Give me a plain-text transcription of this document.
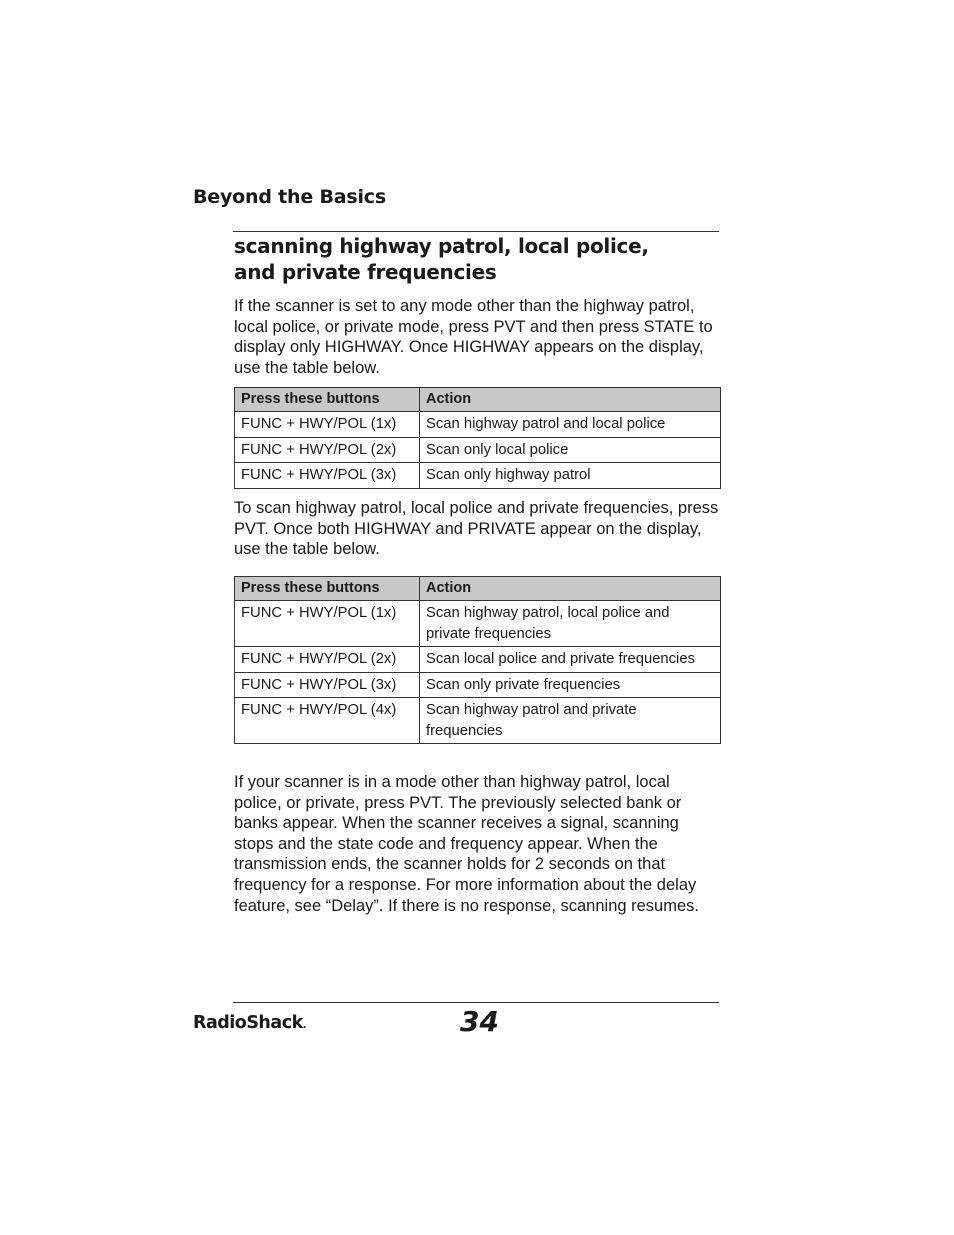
Beyond the Basics
scanning highway patrol, local police,
and private frequencies

If the scanner is set to any mode other than the highway patrol, local police, or private mode, press PVT and then press STATE to display only HIGHWAY. Once HIGHWAY appears on the display, use the table below.

Press these buttons	Action
FUNC + HWY/POL (1x)	Scan highway patrol and local police
FUNC + HWY/POL (2x)	Scan only local police
FUNC + HWY/POL (3x)	Scan only highway patrol

To scan highway patrol, local police and private frequencies, press PVT. Once both HIGHWAY and PRIVATE appear on the display, use the table below.

Press these buttons	Action
FUNC + HWY/POL (1x)	Scan highway patrol, local police and private frequencies
FUNC + HWY/POL (2x)	Scan local police and private frequencies
FUNC + HWY/POL (3x)	Scan only private frequencies
FUNC + HWY/POL (4x)	Scan highway patrol and private frequencies

If your scanner is in a mode other than highway patrol, local police, or private, press PVT. The previously selected bank or banks appear. When the scanner receives a signal, scanning stops and the state code and frequency appear. When the transmission ends, the scanner holds for 2 seconds on that frequency for a response. For more information about the delay feature, see “Delay”. If there is no response, scanning resumes.

RadioShack.	34
